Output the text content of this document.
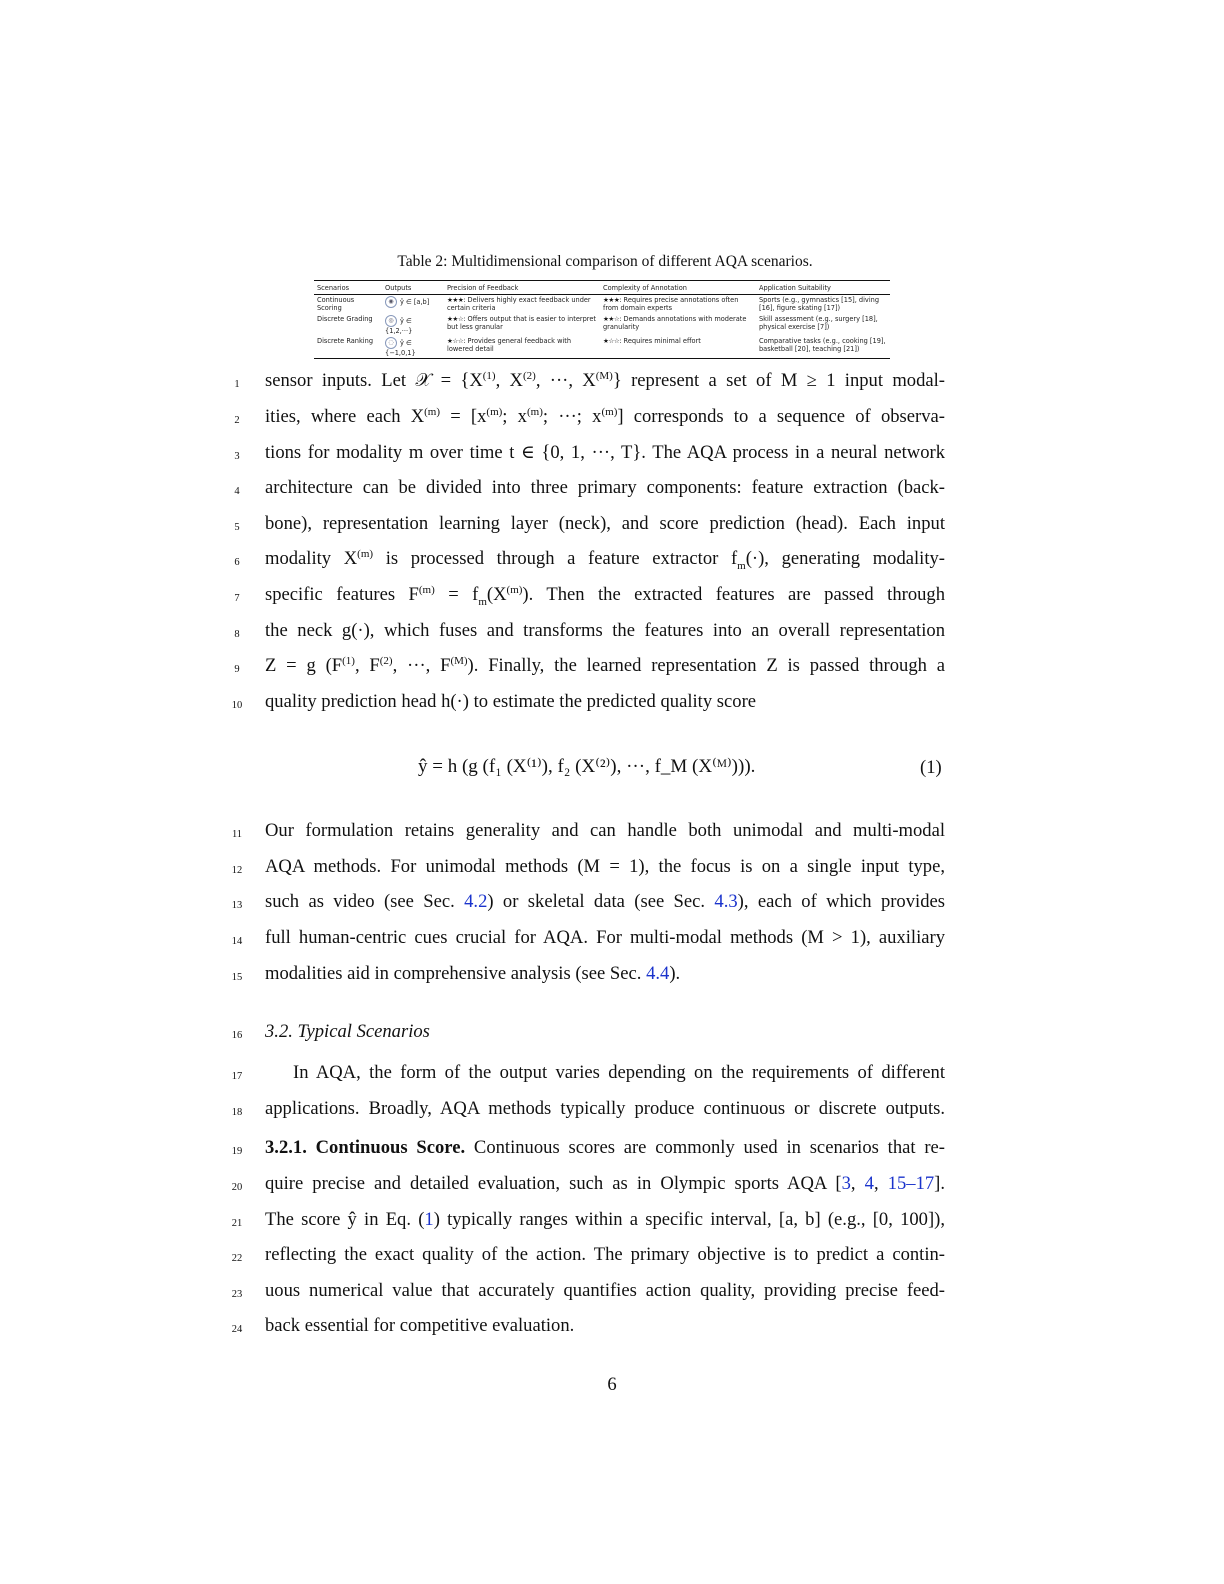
Table 2: Multidimensional comparison of different AQA scenarios.
Scenarios	Outputs	Precision of Feedback	Complexity of Annotation	Application Suitability
Continuous Scoring	◉ ŷ ∈ [a,b]	★★★: Delivers highly exact feedback under certain criteria	★★★: Requires precise annotations often from domain experts	Sports (e.g., gymnastics [15], diving [16], figure skating [17])
Discrete Grading	◎ ŷ ∈ {1,2,···}	★★☆: Offers output that is easier to interpret but less granular	★★☆: Demands annotations with moderate granularity	Skill assessment (e.g., surgery [18], physical exercise [7])
Discrete Ranking	◌ ŷ ∈ {−1,0,1}	★☆☆: Provides general feedback with lowered detail	★☆☆: Requires minimal effort	Comparative tasks (e.g., cooking [19], basketball [20], teaching [21])
1	sensor inputs. Let 𝒳 = {$X^{(1)}$, $X^{(2)}$, ···, $X^{(M)}$} represent a set of M ≥ 1 input modal-
2	ities, where each $X^{(m)} = [x^{(m)}$; $x^{(m)}$; ···; $x^{(m)}$] corresponds to a sequence of observa-
3	tions for modality m over time t ∈ {0, 1, ···, T}. The AQA process in a neural network
4	architecture can be divided into three primary components: feature extraction (back-
5	bone), representation learning layer (neck), and score prediction (head). Each input
6	modality $X^{(m)}$ is processed through a feature extractor $f_m(\cdot)$, generating modality-
7	specific features $F^{(m)} = f_m(X^{(m)})$. Then the extracted features are passed through
8	the neck g(·), which fuses and transforms the features into an overall representation
9	Z = g ($F^{(1)}$, $F^{(2)}$, ···, $F^{(M)}$). Finally, the learned representation Z is passed through a
10	quality prediction head h(·) to estimate the predicted quality score
ŷ = h (g (f₁ (X⁽¹⁾), f₂ (X⁽²⁾), ···, f_M (X⁽ᴹ⁾))).	(1)
11	Our formulation retains generality and can handle both unimodal and multi-modal
12	AQA methods. For unimodal methods (M = 1), the focus is on a single input type,
13	such as video (see Sec. 4.2) or skeletal data (see Sec. 4.3), each of which provides
14	full human-centric cues crucial for AQA. For multi-modal methods (M > 1), auxiliary
15	modalities aid in comprehensive analysis (see Sec. 4.4).
16	3.2. Typical Scenarios
17	In AQA, the form of the output varies depending on the requirements of different
18	applications. Broadly, AQA methods typically produce continuous or discrete outputs.
19	3.2.1. Continuous Score. Continuous scores are commonly used in scenarios that re-
20	quire precise and detailed evaluation, such as in Olympic sports AQA [3, 4, 15–17].
21	The score ŷ in Eq. (1) typically ranges within a specific interval, [a, b] (e.g., [0, 100]),
22	reflecting the exact quality of the action. The primary objective is to predict a contin-
23	uous numerical value that accurately quantifies action quality, providing precise feed-
24	back essential for competitive evaluation.
6
